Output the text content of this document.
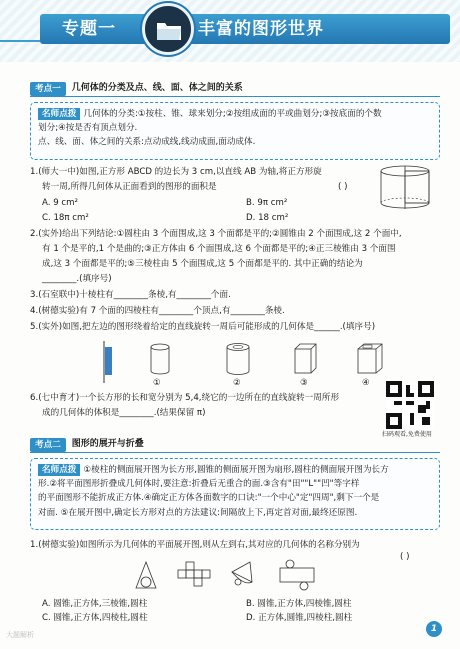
专题一	丰富的图形世界
考点一	几何体的分类及点、线、面、体之间的关系

名师点拨 几何体的分类:①按柱、锥、球来划分;②按组成面的平或曲划分;③按底面的个数

划分;④按是否有顶点划分.

点、线、面、体之间的关系:点动成线,线动成面,面动成体.

1.(师大一中)如图,正方形 ABCD 的边长为 3 cm,以直线 AB 为轴,将正方形旋
转一周,所得几何体从正面看到的图形的面积是	( )
A. 9 cm²	B. 9π cm²
C. 18π cm²	D. 18 cm²
2.(实外)给出下列结论:①圆柱由 3 个面围成,这 3 个面都是平的;②圆锥由 2 个面围成,这 2 个面中,
有 1 个是平的,1 个是曲的;③正方体由 6 个面围成,这 6 个面都是平的;④正三棱锥由 3 个面围
成,这 3 个面都是平的;⑤三棱柱由 5 个面围成,这 5 个面都是平的. 其中正确的结论为
________.(填序号)
3.(石室联中)十棱柱有________条棱,有________个面.
4.(树德实验)有 7 个面的四棱柱有________个顶点,有________条棱.
5.(实外)如图,把左边的图形绕着给定的直线旋转一周后可能形成的几何体是______.(填序号)
①	②	③	④
6.(七中育才)一个长方形的长和宽分别为 5,4,绕它的一边所在的直线旋转一周所形
成的几何体的体积是________.(结果保留 π)
扫码观看,免费使用
考点二	图形的展开与折叠

名师点拨 ①棱柱的侧面展开图为长方形,圆锥的侧面展开图为扇形,圆柱的侧面展开图为长方

形.②将平面图形折叠成几何体时,要注意:折叠后无重合的面.③含有"田""L""凹"等字样

的平面图形不能折成正方体.④确定正方体各面数字的口诀:"一个中心"定"四周",剩下一个是

对面. ⑤在展开图中,确定长方形对点的方法建议:间隔放上下,再定首对面,最终还原图.

1.(树德实验)如图所示为几何体的平面展开图,则从左到右,其对应的几何体的名称分别为
( )
A. 圆锥,正方体,三棱锥,圆柱	B. 圆锥,正方体,四棱锥,圆柱
C. 圆锥,正方体,四棱柱,圆柱	D. 正方体,圆锥,四棱柱,圆柱
1
大题解析
